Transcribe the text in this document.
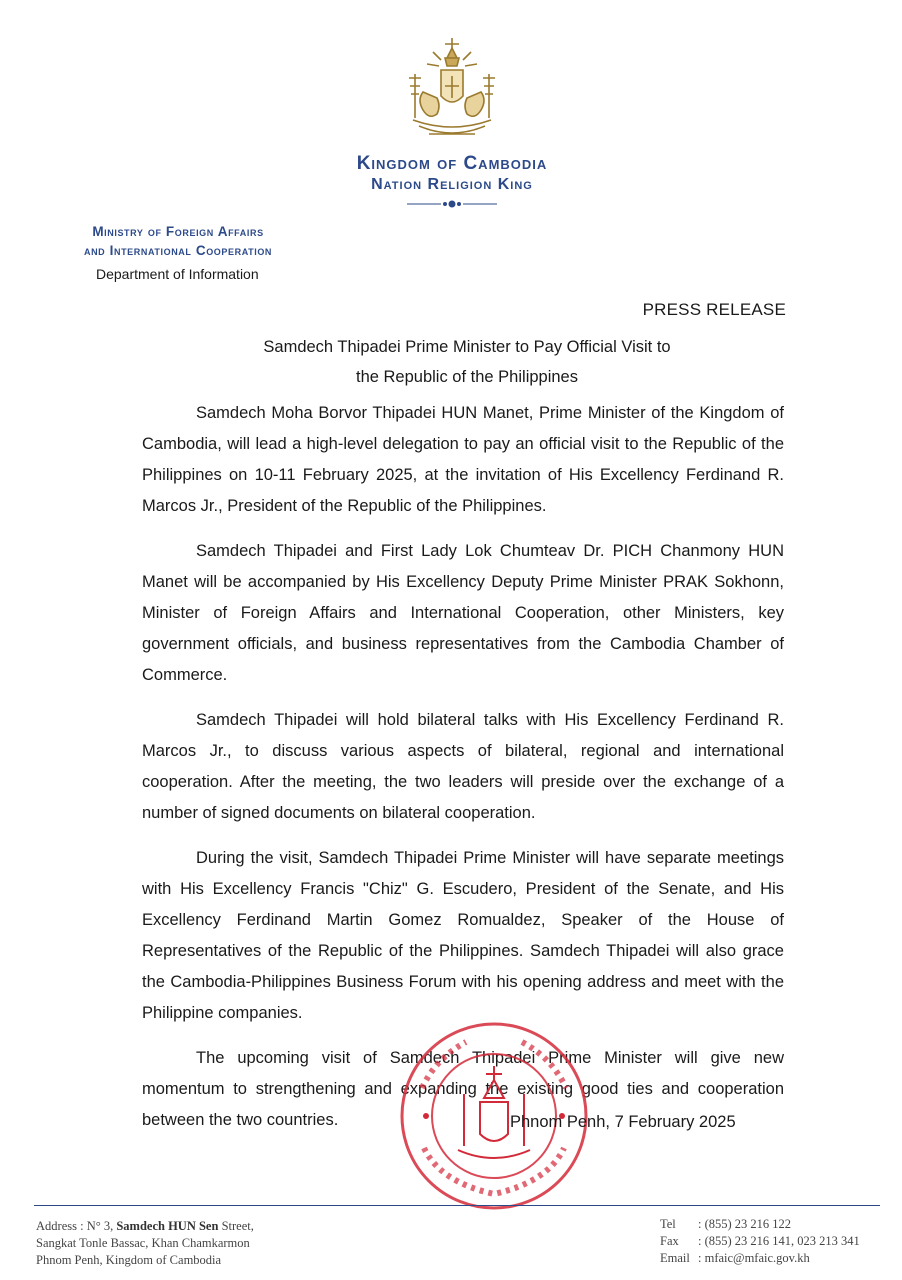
Kingdom of Cambodia
Nation Religion King
Ministry of Foreign Affairs
and International Cooperation
Department of Information
PRESS RELEASE
Samdech Thipadei Prime Minister to Pay Official Visit to
the Republic of the Philippines

Samdech Moha Borvor Thipadei HUN Manet, Prime Minister of the Kingdom of Cambodia, will lead a high-level delegation to pay an official visit to the Republic of the Philippines on 10-11 February 2025, at the invitation of His Excellency Ferdinand R. Marcos Jr., President of the Republic of the Philippines.

Samdech Thipadei and First Lady Lok Chumteav Dr. PICH Chanmony HUN Manet will be accompanied by His Excellency Deputy Prime Minister PRAK Sokhonn, Minister of Foreign Affairs and International Cooperation, other Ministers, key government officials, and business representatives from the Cambodia Chamber of Commerce.

Samdech Thipadei will hold bilateral talks with His Excellency Ferdinand R. Marcos Jr., to discuss various aspects of bilateral, regional and international cooperation. After the meeting, the two leaders will preside over the exchange of a number of signed documents on bilateral cooperation.

During the visit, Samdech Thipadei Prime Minister will have separate meetings with His Excellency Francis "Chiz" G. Escudero, President of the Senate, and His Excellency Ferdinand Martin Gomez Romualdez, Speaker of the House of Representatives of the Republic of the Philippines. Samdech Thipadei will also grace the Cambodia-Philippines Business Forum with his opening address and meet with the Philippine companies.

The upcoming visit of Samdech Thipadei Prime Minister will give new momentum to strengthening and expanding the existing good ties and cooperation between the two countries.	Phnom Penh, 7 February 2025
Address : N° 3, Samdech HUN Sen Street,
Sangkat Tonle Bassac, Khan Chamkarmon
Phnom Penh, Kingdom of Cambodia
Tel	: (855) 23 216 122
Fax	: (855) 23 216 141, 023 213 341
Email : mfaic@mfaic.gov.kh
